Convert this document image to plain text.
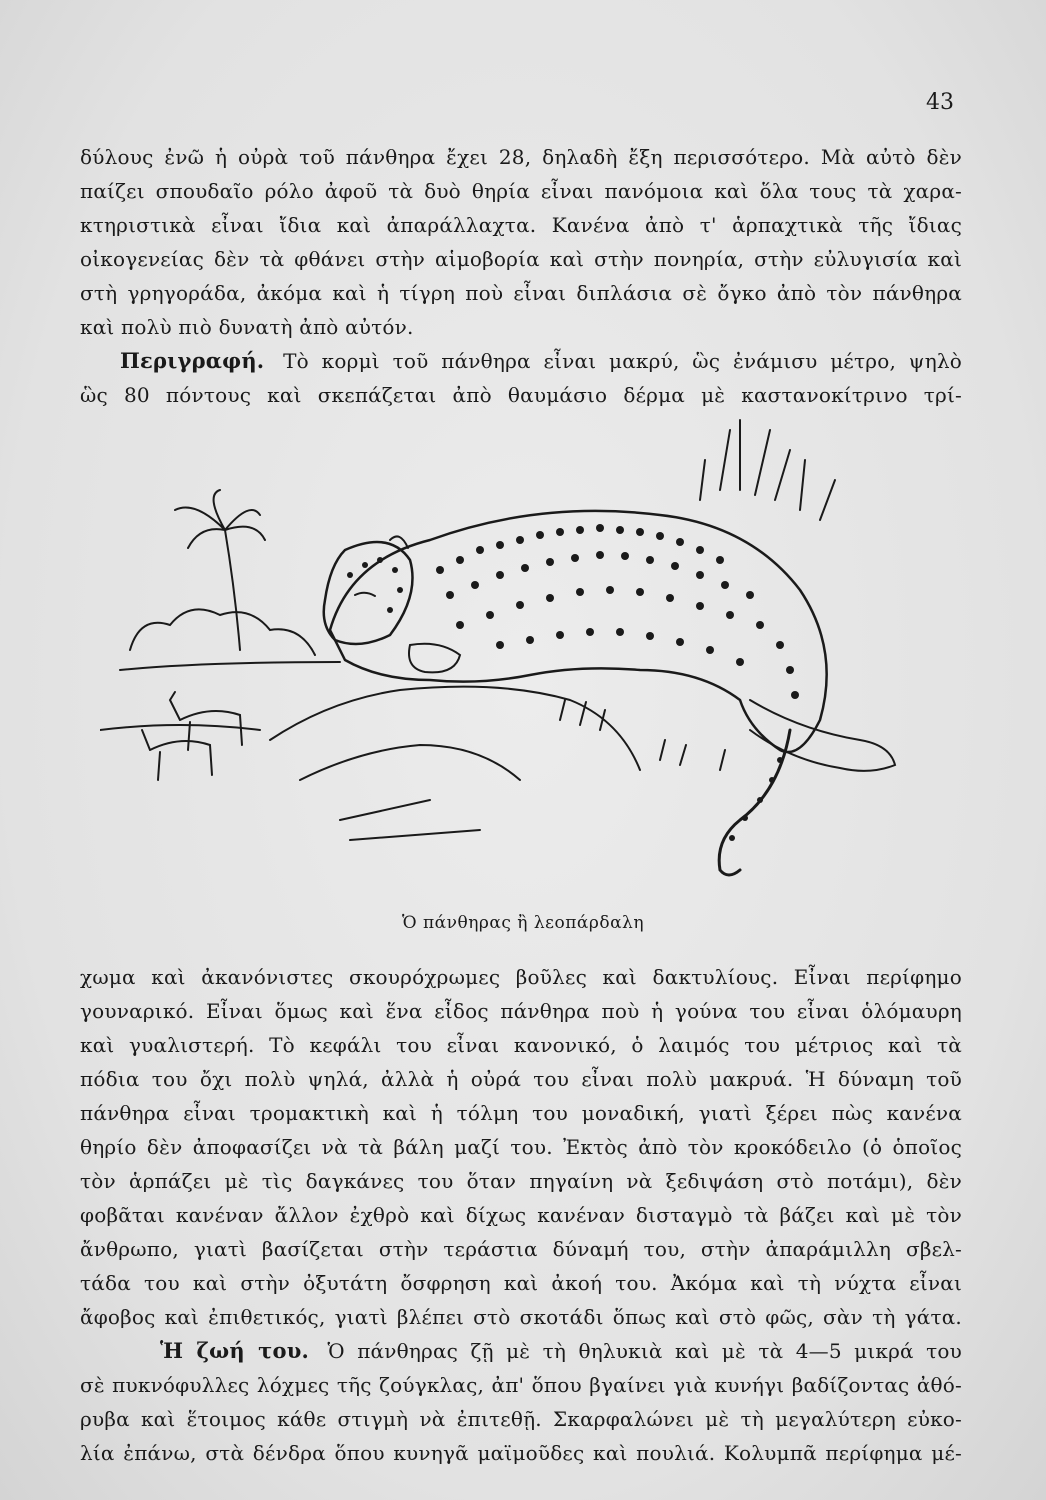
43
δύλους ἐνῶ ἡ οὐρὰ τοῦ πάνθηρα ἔχει 28, δηλαδὴ ἔξη περισσότερο. Μὰ αὐτὸ δὲν
παίζει σπουδαῖο ρόλο ἀφοῦ τὰ δυὸ θηρία εἶναι πανόμοια καὶ ὅλα τους τὰ χαρα-
κτηριστικὰ εἶναι ἴδια καὶ ἀπαράλλαχτα. Κανένα ἀπὸ τ' ἁρπαχτικὰ τῆς ἴδιας
οἰκογενείας δὲν τὰ φθάνει στὴν αἱμοβορία καὶ στὴν πονηρία, στὴν εὐλυγισία καὶ
στὴ γρηγοράδα, ἀκόμα καὶ ἡ τίγρη ποὺ εἶναι διπλάσια σὲ ὄγκο ἀπὸ τὸν πάνθηρα
καὶ πολὺ πιὸ δυνατὴ ἀπὸ αὐτόν.
Περιγραφή. Τὸ κορμὶ τοῦ πάνθηρα εἶναι μακρύ, ὣς ἐνάμισυ μέτρο, ψηλὸ
ὣς 80 πόντους καὶ σκεπάζεται ἀπὸ θαυμάσιο δέρμα μὲ καστανοκίτρινο τρί-
Ὁ πάνθηρας ἢ λεοπάρδαλη
χωμα καὶ ἀκανόνιστες σκουρόχρωμες βοῦλες καὶ δακτυλίους. Εἶναι περίφημο
γουναρικό. Εἶναι ὅμως καὶ ἕνα εἶδος πάνθηρα ποὺ ἡ γούνα του εἶναι ὁλόμαυρη
καὶ γυαλιστερή. Τὸ κεφάλι του εἶναι κανονικό, ὁ λαιμός του μέτριος καὶ τὰ
πόδια του ὄχι πολὺ ψηλά, ἀλλὰ ἡ οὐρά του εἶναι πολὺ μακρυά. Ἡ δύναμη τοῦ
πάνθηρα εἶναι τρομακτικὴ καὶ ἡ τόλμη του μοναδική, γιατὶ ξέρει πὼς κανένα
θηρίο δὲν ἀποφασίζει νὰ τὰ βάλη μαζί του. Ἐκτὸς ἀπὸ τὸν κροκόδειλο (ὁ ὁποῖος
τὸν ἁρπάζει μὲ τὶς δαγκάνες του ὅταν πηγαίνη νὰ ξεδιψάση στὸ ποτάμι), δὲν
φοβᾶται κανέναν ἄλλον ἐχθρὸ καὶ δίχως κανέναν δισταγμὸ τὰ βάζει καὶ μὲ τὸν
ἄνθρωπο, γιατὶ βασίζεται στὴν τεράστια δύναμή του, στὴν ἀπαράμιλλη σβελ-
τάδα του καὶ στὴν ὀξυτάτη ὄσφρηση καὶ ἀκοή του. Ἀκόμα καὶ τὴ νύχτα εἶναι
ἄφοβος καὶ ἐπιθετικός, γιατὶ βλέπει στὸ σκοτάδι ὅπως καὶ στὸ φῶς, σὰν τὴ γάτα.
Ἡ ζωή του. Ὁ πάνθηρας ζῇ μὲ τὴ θηλυκιὰ καὶ μὲ τὰ 4—5 μικρά του
σὲ πυκνόφυλλες λόχμες τῆς ζούγκλας, ἀπ' ὅπου βγαίνει γιὰ κυνήγι βαδίζοντας ἀθό-
ρυβα καὶ ἕτοιμος κάθε στιγμὴ νὰ ἐπιτεθῇ. Σκαρφαλώνει μὲ τὴ μεγαλύτερη εὐκο-
λία ἐπάνω, στὰ δένδρα ὅπου κυνηγᾶ μαϊμοῦδες καὶ πουλιά. Κολυμπᾶ περίφημα μέ-
